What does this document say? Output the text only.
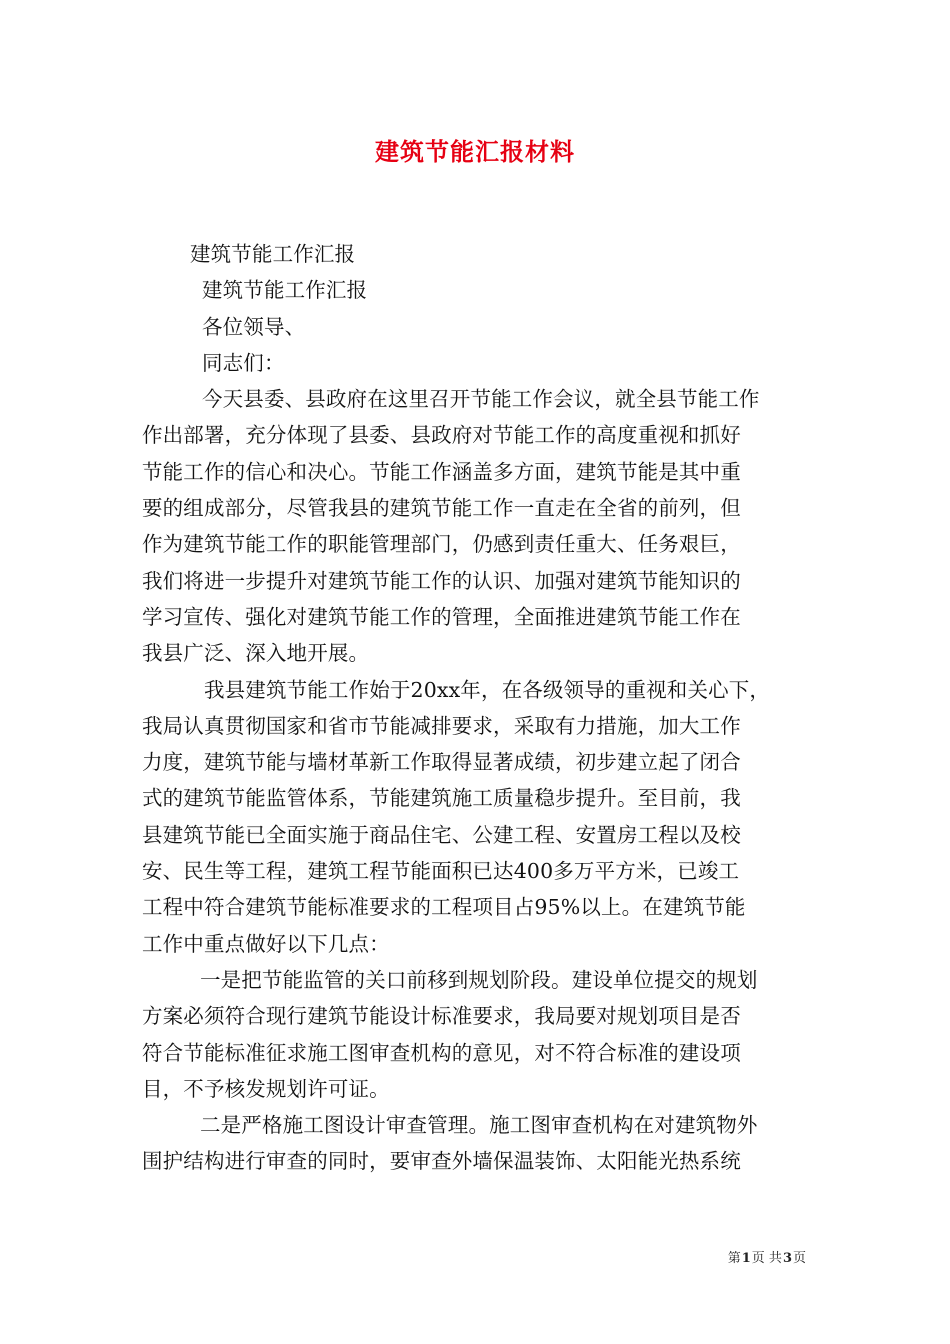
建筑节能汇报材料
建筑节能工作汇报
建筑节能工作汇报
各位领导、
同志们：
今天县委、县政府在这里召开节能工作会议，就全县节能工作
作出部署，充分体现了县委、县政府对节能工作的高度重视和抓好
节能工作的信心和决心。节能工作涵盖多方面，建筑节能是其中重
要的组成部分，尽管我县的建筑节能工作一直走在全省的前列，但
作为建筑节能工作的职能管理部门，仍感到责任重大、任务艰巨，
我们将进一步提升对建筑节能工作的认识、加强对建筑节能知识的
学习宣传、强化对建筑节能工作的管理，全面推进建筑节能工作在
我县广泛、深入地开展。
我县建筑节能工作始于20xx年，在各级领导的重视和关心下，
我局认真贯彻国家和省市节能减排要求，采取有力措施，加大工作
力度，建筑节能与墙材革新工作取得显著成绩，初步建立起了闭合
式的建筑节能监管体系，节能建筑施工质量稳步提升。至目前，我
县建筑节能已全面实施于商品住宅、公建工程、安置房工程以及校
安、民生等工程，建筑工程节能面积已达400多万平方米，已竣工
工程中符合建筑节能标准要求的工程项目占95%以上。在建筑节能
工作中重点做好以下几点：
一是把节能监管的关口前移到规划阶段。建设单位提交的规划
方案必须符合现行建筑节能设计标准要求，我局要对规划项目是否
符合节能标准征求施工图审查机构的意见，对不符合标准的建设项
目，不予核发规划许可证。
二是严格施工图设计审查管理。施工图审查机构在对建筑物外
围护结构进行审查的同时，要审查外墙保温装饰、太阳能光热系统
第1页 共3页
